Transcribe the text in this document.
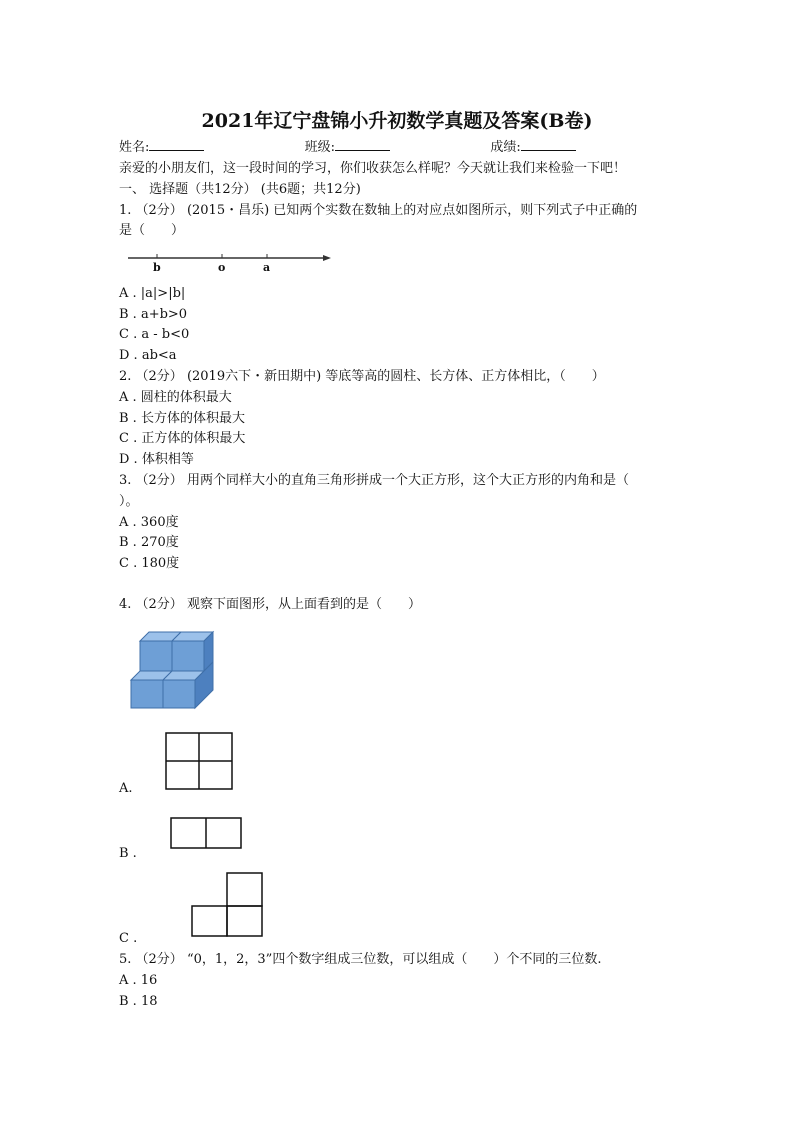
2021年辽宁盘锦小升初数学真题及答案(B卷)
姓名:	班级:	成绩:
亲爱的小朋友们，这一段时间的学习，你们收获怎么样呢？今天就让我们来检验一下吧！
一、 选择题（共12分） (共6题；共12分)
1. （2分） (2015・昌乐) 已知两个实数在数轴上的对应点如图所示，则下列式子中正确的
是（　　）
b	o	a
A . |a|>|b|
B . a+b>0
C . a - b<0
D . ab<a
2. （2分） (2019六下・新田期中) 等底等高的圆柱、长方体、正方体相比，（　　）
A . 圆柱的体积最大
B . 长方体的体积最大
C . 正方体的体积最大
D . 体积相等
3. （2分） 用两个同样大小的直角三角形拼成一个大正方形，这个大正方形的内角和是（
）。
A . 360度
B . 270度
C . 180度
4. （2分） 观察下面图形，从上面看到的是（　　）
A.
B .
C .
5. （2分） “0，1，2，3”四个数字组成三位数，可以组成（　　）个不同的三位数.
A . 16
B . 18
